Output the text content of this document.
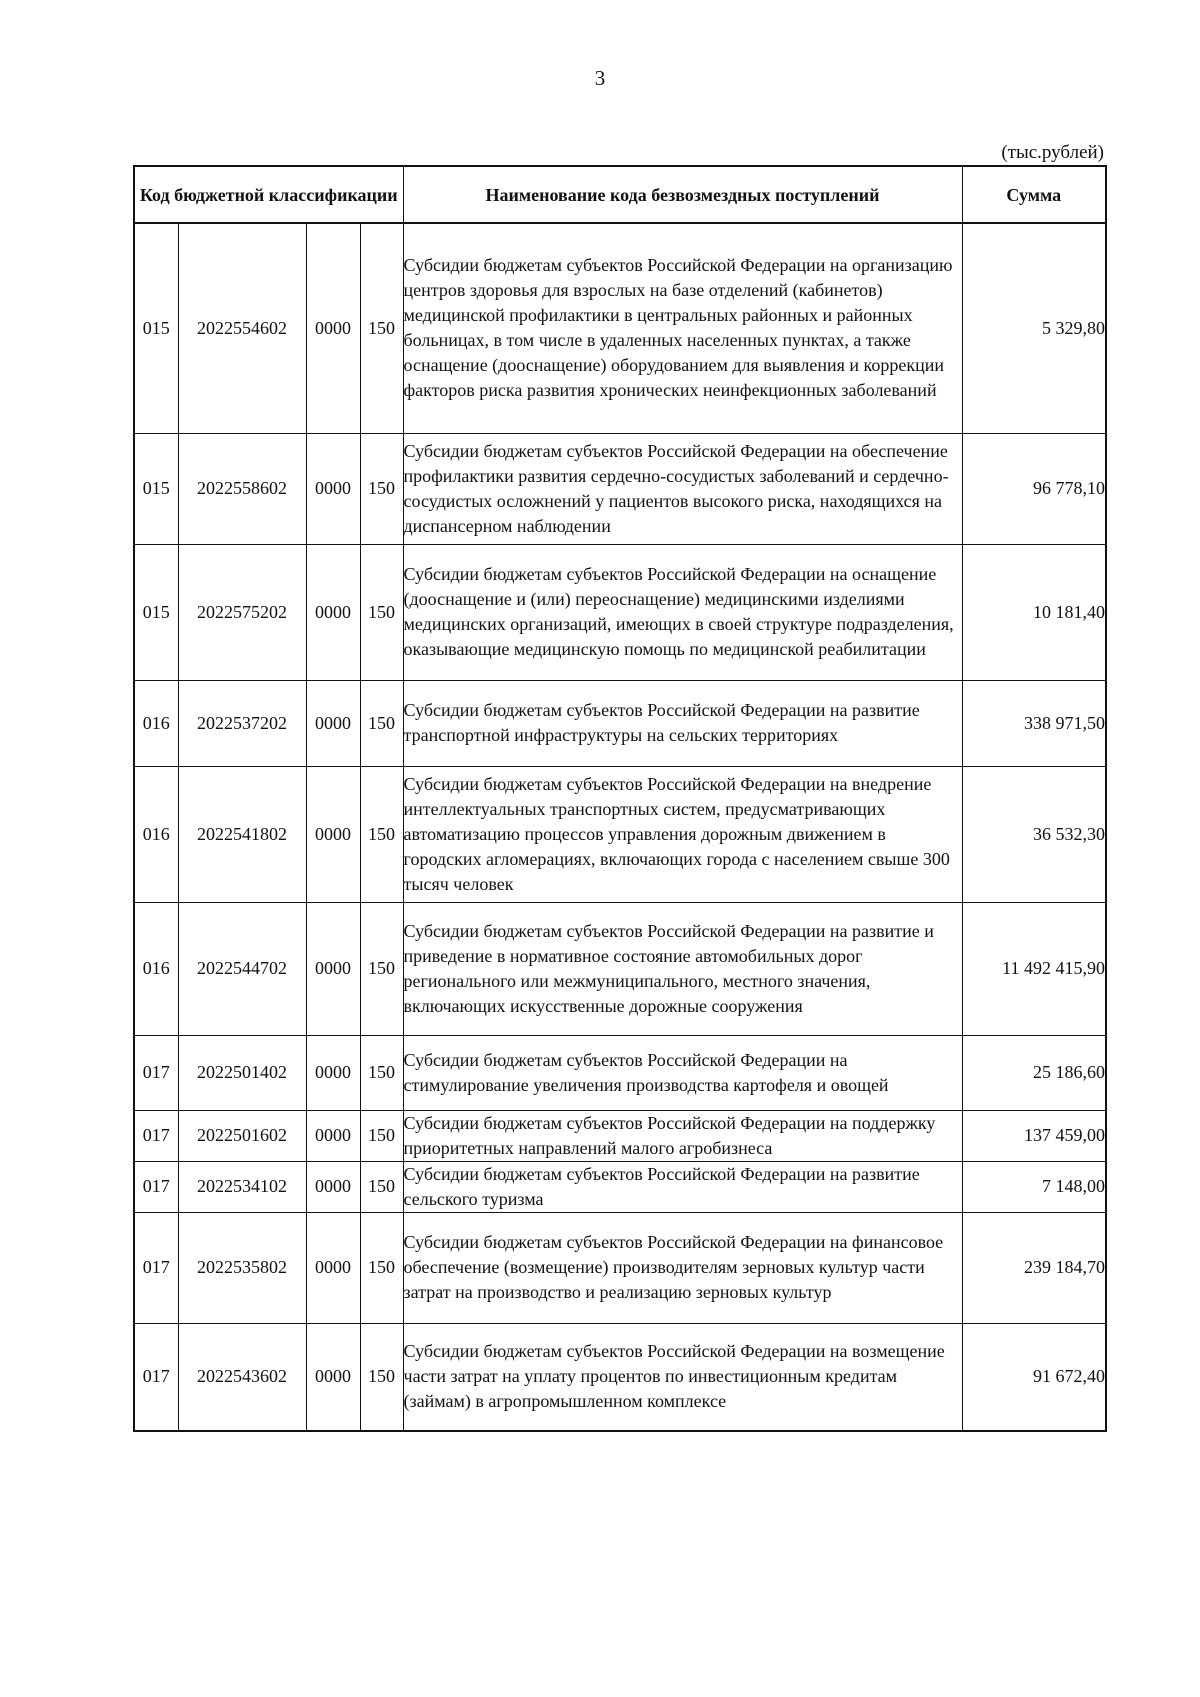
3
(тыс.рублей)
Код бюджетной классификации				Наименование кода безвозмездных поступлений	Сумма
015	2022554602	0000	150	Субсидии бюджетам субъектов Российской Федерации на организацию центров здоровья для взрослых на базе отделений (кабинетов) медицинской профилактики в центральных районных и районных больницах, в том числе в удаленных населенных пунктах, а также оснащение (дооснащение) оборудованием для выявления и коррекции факторов риска развития хронических неинфекционных заболеваний	5 329,80
015	2022558602	0000	150	Субсидии бюджетам субъектов Российской Федерации на обеспечение профилактики развития сердечно-сосудистых заболеваний и сердечно-сосудистых осложнений у пациентов высокого риска, находящихся на диспансерном наблюдении	96 778,10
015	2022575202	0000	150	Субсидии бюджетам субъектов Российской Федерации на оснащение (дооснащение и (или) переоснащение) медицинскими изделиями медицинских организаций, имеющих в своей структуре подразделения, оказывающие медицинскую помощь по медицинской реабилитации	10 181,40
016	2022537202	0000	150	Субсидии бюджетам субъектов Российской Федерации на развитие транспортной инфраструктуры на сельских территориях	338 971,50
016	2022541802	0000	150	Субсидии бюджетам субъектов Российской Федерации на внедрение интеллектуальных транспортных систем, предусматривающих автоматизацию процессов управления дорожным движением в городских агломерациях, включающих города с населением свыше 300 тысяч человек	36 532,30
016	2022544702	0000	150	Субсидии бюджетам субъектов Российской Федерации на развитие и приведение в нормативное состояние автомобильных дорог регионального или межмуниципального, местного значения, включающих искусственные дорожные сооружения	11 492 415,90
017	2022501402	0000	150	Субсидии бюджетам субъектов Российской Федерации на стимулирование увеличения производства картофеля и овощей	25 186,60
017	2022501602	0000	150	Субсидии бюджетам субъектов Российской Федерации на поддержку приоритетных направлений малого агробизнеса	137 459,00
017	2022534102	0000	150	Субсидии бюджетам субъектов Российской Федерации на развитие сельского туризма	7 148,00
017	2022535802	0000	150	Субсидии бюджетам субъектов Российской Федерации на финансовое обеспечение (возмещение) производителям зерновых культур части затрат на производство и реализацию зерновых культур	239 184,70
017	2022543602	0000	150	Субсидии бюджетам субъектов Российской Федерации на возмещение части затрат на уплату процентов по инвестиционным кредитам (займам) в агропромышленном комплексе	91 672,40
